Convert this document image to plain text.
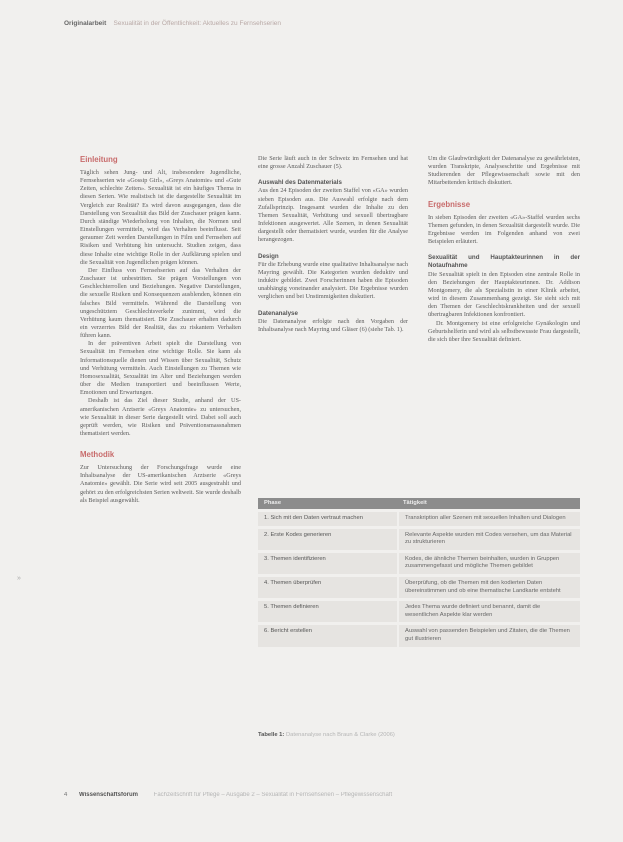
Originalarbeit Sexualität in der Öffentlichkeit: Aktuelles zu Fernsehserien
Einleitung

Täglich sehen Jung- und Alt, insbesondere Jugendliche, Fernsehserien wie «Gossip Girl», «Greys Anatomie» und «Gute Zeiten, schlechte Zeiten». Sexualität ist ein häufiges Thema in diesen Serien. Wie realistisch ist die dargestellte Sexualität im Vergleich zur Realität? Es wird davon ausgegangen, dass die Darstellung von Sexualität das Bild der Zuschauer prägen kann. Durch ständige Wiederholung von Inhalten, die Normen und Einstellungen vermitteln, wird das Verhalten beeinflusst. Seit geraumer Zeit werden Darstellungen in Film und Fernsehen auf Risiken und Verhütung hin untersucht. Studien zeigen, dass diese Inhalte eine wichtige Rolle in der Aufklärung spielen und die Sexualität von Jugendlichen prägen können.

Der Einfluss von Fernsehserien auf das Verhalten der Zuschauer ist unbestritten. Sie prägen Vorstellungen von Geschlechterrollen und Beziehungen. Negative Darstellungen, die sexuelle Risiken und Konsequenzen ausblenden, können ein falsches Bild vermitteln. Während die Darstellung von ungeschütztem Geschlechtsverkehr zunimmt, wird die Verhütung kaum thematisiert. Die Zuschauer erhalten dadurch ein verzerrtes Bild der Realität, das zu riskantem Verhalten führen kann.

In der präventiven Arbeit spielt die Darstellung von Sexualität im Fernsehen eine wichtige Rolle. Sie kann als Informationsquelle dienen und Wissen über Sexualität, Schutz und Verhütung vermitteln. Auch Einstellungen zu Themen wie Homosexualität, Sexualität im Alter und Beziehungen werden über die Medien transportiert und beeinflussen Werte, Emotionen und Erwartungen.

Deshalb ist das Ziel dieser Studie, anhand der US-amerikanischen Arztserie «Greys Anatomie» zu untersuchen, wie Sexualität in dieser Serie dargestellt wird. Dabei soll auch geprüft werden, wie Risiken und Präventionsmassnahmen thematisiert werden.

Methodik

Zur Untersuchung der Forschungsfrage wurde eine Inhaltsanalyse der US-amerikanischen Arztserie «Greys Anatomie» gewählt. Die Serie wird seit 2005 ausgestrahlt und gehört zu den erfolgreichsten Serien weltweit. Sie wurde deshalb als Beispiel ausgewählt.

Die Serie läuft auch in der Schweiz im Fernsehen und hat eine grosse Anzahl Zuschauer (5).

Auswahl des Datenmaterials

Aus den 24 Episoden der zweiten Staffel von «GA» wurden sieben Episoden aus. Die Auswahl erfolgte nach dem Zufallsprinzip. Insgesamt wurden die Inhalte zu den Themen Sexualität, Verhütung und sexuell übertragbare Infektionen ausgewertet. Alle Szenen, in denen Sexualität dargestellt oder thematisiert wurde, wurden für die Analyse herangezogen.

Design

Für die Erhebung wurde eine qualitative Inhaltsanalyse nach Mayring gewählt. Die Kategorien wurden deduktiv und induktiv gebildet. Zwei Forscherinnen haben die Episoden unabhängig voneinander analysiert. Die Ergebnisse wurden verglichen und bei Unstimmigkeiten diskutiert.

Datenanalyse

Die Datenanalyse erfolgte nach den Vorgaben der Inhaltsanalyse nach Mayring und Gläser (6) (siehe Tab. 1).

Um die Glaubwürdigkeit der Datenanalyse zu gewährleisten, wurden Transkripte, Analyseschritte und Ergebnisse mit Studierenden der Pflegewissenschaft sowie mit den Mitarbeitenden kritisch diskutiert.

Ergebnisse

In sieben Episoden der zweiten «GA»-Staffel wurden sechs Themen gefunden, in denen Sexualität dargestellt wurde. Die Ergebnisse werden im Folgenden anhand von zwei Beispielen erläutert.

Sexualität und Hauptakteurinnen in der Notaufnahme

Die Sexualität spielt in den Episoden eine zentrale Rolle in den Beziehungen der Hauptakteurinnen. Dr. Addison Montgomery, die als Spezialistin in einer Klinik arbeitet, wird in diesem Zusammenhang gezeigt. Sie sieht sich mit den Themen der Geschlechtskrankheiten und der sexuell übertragbaren Infektionen konfrontiert.

Dr. Montgomery ist eine erfolgreiche Gynäkologin und Geburtshelferin und wird als selbstbewusste Frau dargestellt, die sich über ihre Sexualität definiert.

Phase	Tätigkeit
1. Sich mit den Daten vertraut machen	Transkription aller Szenen mit sexuellen Inhalten und Dialogen
2. Erste Kodes generieren	Relevante Aspekte wurden mit Codes versehen, um das Material zu strukturieren
3. Themen identifizieren	Kodes, die ähnliche Themen beinhalten, wurden in Gruppen zusammengefasst und mögliche Themen gebildet
4. Themen überprüfen	Überprüfung, ob die Themen mit den kodierten Daten übereinstimmen und ob eine thematische Landkarte entsteht
5. Themen definieren	Jedes Thema wurde definiert und benannt, damit die wesentlichen Aspekte klar werden
6. Bericht erstellen	Auswahl von passenden Beispielen und Zitaten, die die Themen gut illustrieren
Tabelle 1: Datenanalyse nach Braun & Clarke (2006)
»
4 Wissenschaftsforum	Fachzeitschrift für Pflege – Ausgabe 2 – Sexualität in Fernsehserien – Pflegewissenschaft
